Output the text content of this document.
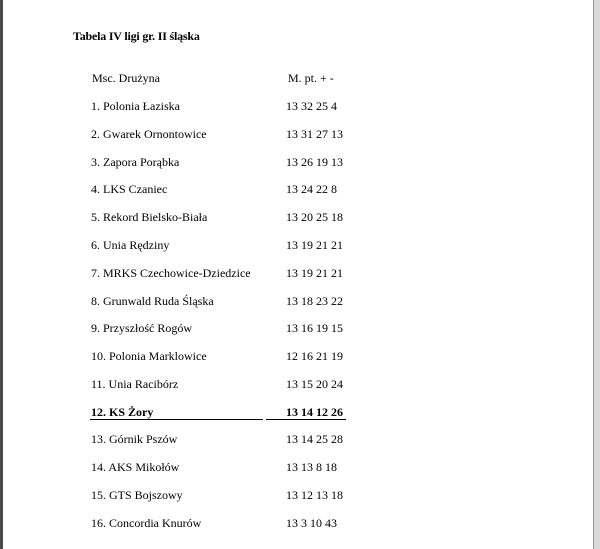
Tabela IV ligi gr. II śląska
Msc. Drużyna	M. pt. + -
1. Polonia Łaziska	13 32 25 4
2. Gwarek Ornontowice	13 31 27 13
3. Zapora Porąbka	13 26 19 13
4. LKS Czaniec	13 24 22 8
5. Rekord Bielsko-Biała	13 20 25 18
6. Unia Rędziny	13 19 21 21
7. MRKS Czechowice-Dziedzice	13 19 21 21
8. Grunwald Ruda Śląska	13 18 23 22
9. Przyszłość Rogów	13 16 19 15
10. Polonia Marklowice	12 16 21 19
11. Unia Racibórz	13 15 20 24
12. KS Żory	13 14 12 26
13. Górnik Pszów	13 14 25 28
14. AKS Mikołów	13 13 8 18
15. GTS Bojszowy	13 12 13 18
16. Concordia Knurów	13 3 10 43
